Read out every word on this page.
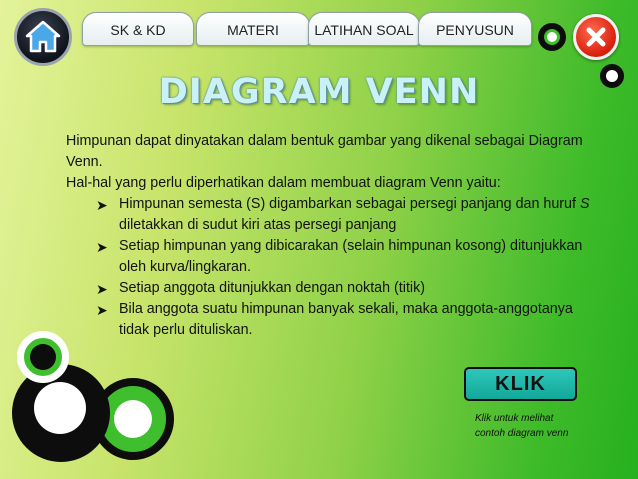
SK & KD	MATERI	LATIHAN SOAL	PENYUSUN
DIAGRAM VENN

Himpunan dapat dinyatakan dalam bentuk gambar yang dikenal sebagai Diagram Venn.

Hal-hal yang perlu diperhatikan dalam membuat diagram Venn yaitu:

➤ Himpunan semesta (S) digambarkan sebagai persegi panjang dan huruf S diletakkan di sudut kiri atas persegi panjang
➤ Setiap himpunan yang dibicarakan (selain himpunan kosong) ditunjukkan oleh kurva/lingkaran.
➤ Setiap anggota ditunjukkan dengan noktah (titik)
➤ Bila anggota suatu himpunan banyak sekali, maka anggota-anggotanya tidak perlu dituliskan.
KLIK
Klik untuk melihat
contoh diagram venn
